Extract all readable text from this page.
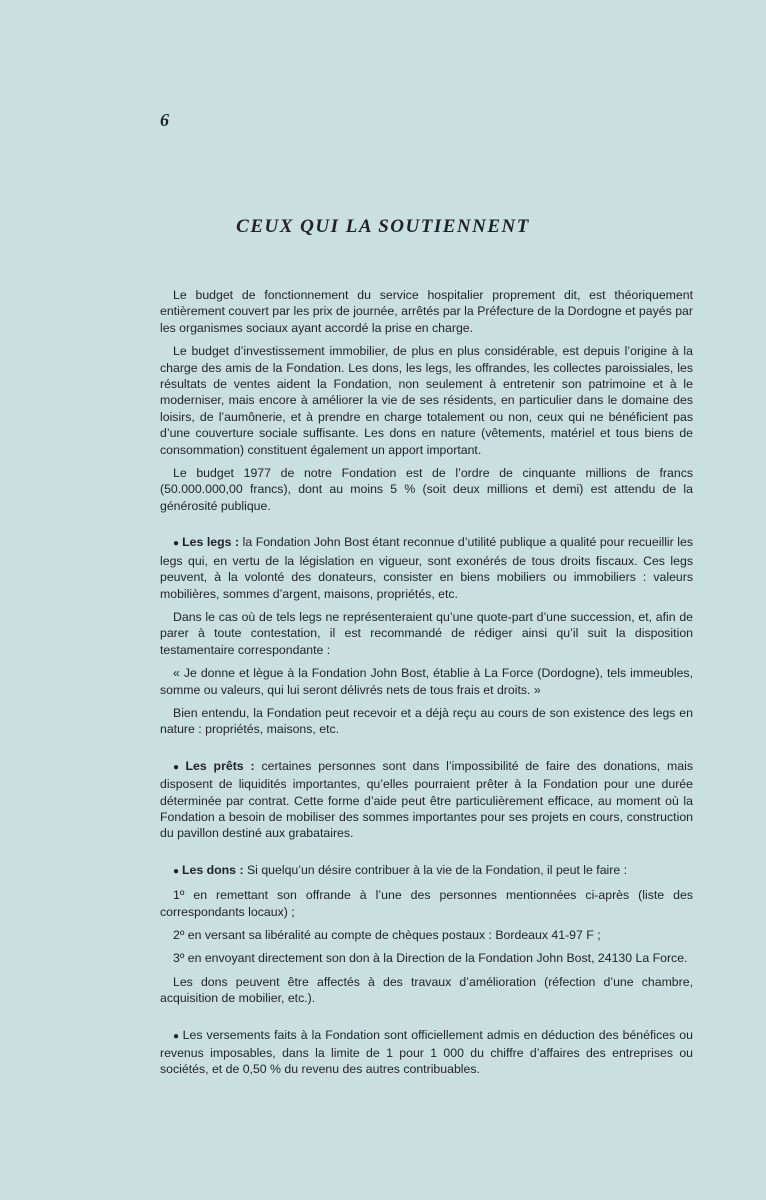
6
CEUX QUI LA SOUTIENNENT

Le budget de fonctionnement du service hospitalier proprement dit, est théoriquement entièrement couvert par les prix de journée, arrêtés par la Préfecture de la Dordogne et payés par les organismes sociaux ayant accordé la prise en charge.

Le budget d’investissement immobilier, de plus en plus considérable, est depuis l’origine à la charge des amis de la Fondation. Les dons, les legs, les offrandes, les collectes paroissiales, les résultats de ventes aident la Fondation, non seulement à entretenir son patrimoine et à le moderniser, mais encore à améliorer la vie de ses résidents, en particulier dans le domaine des loisirs, de l’aumônerie, et à prendre en charge totalement ou non, ceux qui ne bénéficient pas d’une couverture sociale suffisante. Les dons en nature (vêtements, matériel et tous biens de consommation) constituent également un apport important.

Le budget 1977 de notre Fondation est de l’ordre de cinquante millions de francs (50.000.000,00 francs), dont au moins 5 % (soit deux millions et demi) est attendu de la générosité publique.

● Les legs : la Fondation John Bost étant reconnue d’utilité publique a qualité pour recueillir les legs qui, en vertu de la législation en vigueur, sont exonérés de tous droits fiscaux. Ces legs peuvent, à la volonté des donateurs, consister en biens mobiliers ou immobiliers : valeurs mobilières, sommes d’argent, maisons, propriétés, etc.

Dans le cas où de tels legs ne représenteraient qu’une quote-part d’une succession, et, afin de parer à toute contestation, il est recommandé de rédiger ainsi qu’il suit la disposition testamentaire correspondante :

« Je donne et lègue à la Fondation John Bost, établie à La Force (Dordogne), tels immeubles, somme ou valeurs, qui lui seront délivrés nets de tous frais et droits. »

Bien entendu, la Fondation peut recevoir et a déjà reçu au cours de son existence des legs en nature : propriétés, maisons, etc.

● Les prêts : certaines personnes sont dans l’impossibilité de faire des donations, mais disposent de liquidités importantes, qu’elles pourraient prêter à la Fondation pour une durée déterminée par contrat. Cette forme d’aide peut être particulièrement efficace, au moment où la Fondation a besoin de mobiliser des sommes importantes pour ses projets en cours, construction du pavillon destiné aux grabataires.

● Les dons : Si quelqu’un désire contribuer à la vie de la Fondation, il peut le faire :

1º en remettant son offrande à l’une des personnes mentionnées ci-après (liste des correspondants locaux) ;

2º en versant sa libéralité au compte de chèques postaux : Bordeaux 41-97 F ;

3º en envoyant directement son don à la Direction de la Fondation John Bost, 24130 La Force.

Les dons peuvent être affectés à des travaux d’amélioration (réfection d’une chambre, acquisition de mobilier, etc.).

● Les versements faits à la Fondation sont officiellement admis en déduction des bénéfices ou revenus imposables, dans la limite de 1 pour 1 000 du chiffre d’affaires des entreprises ou sociétés, et de 0,50 % du revenu des autres contribuables.
